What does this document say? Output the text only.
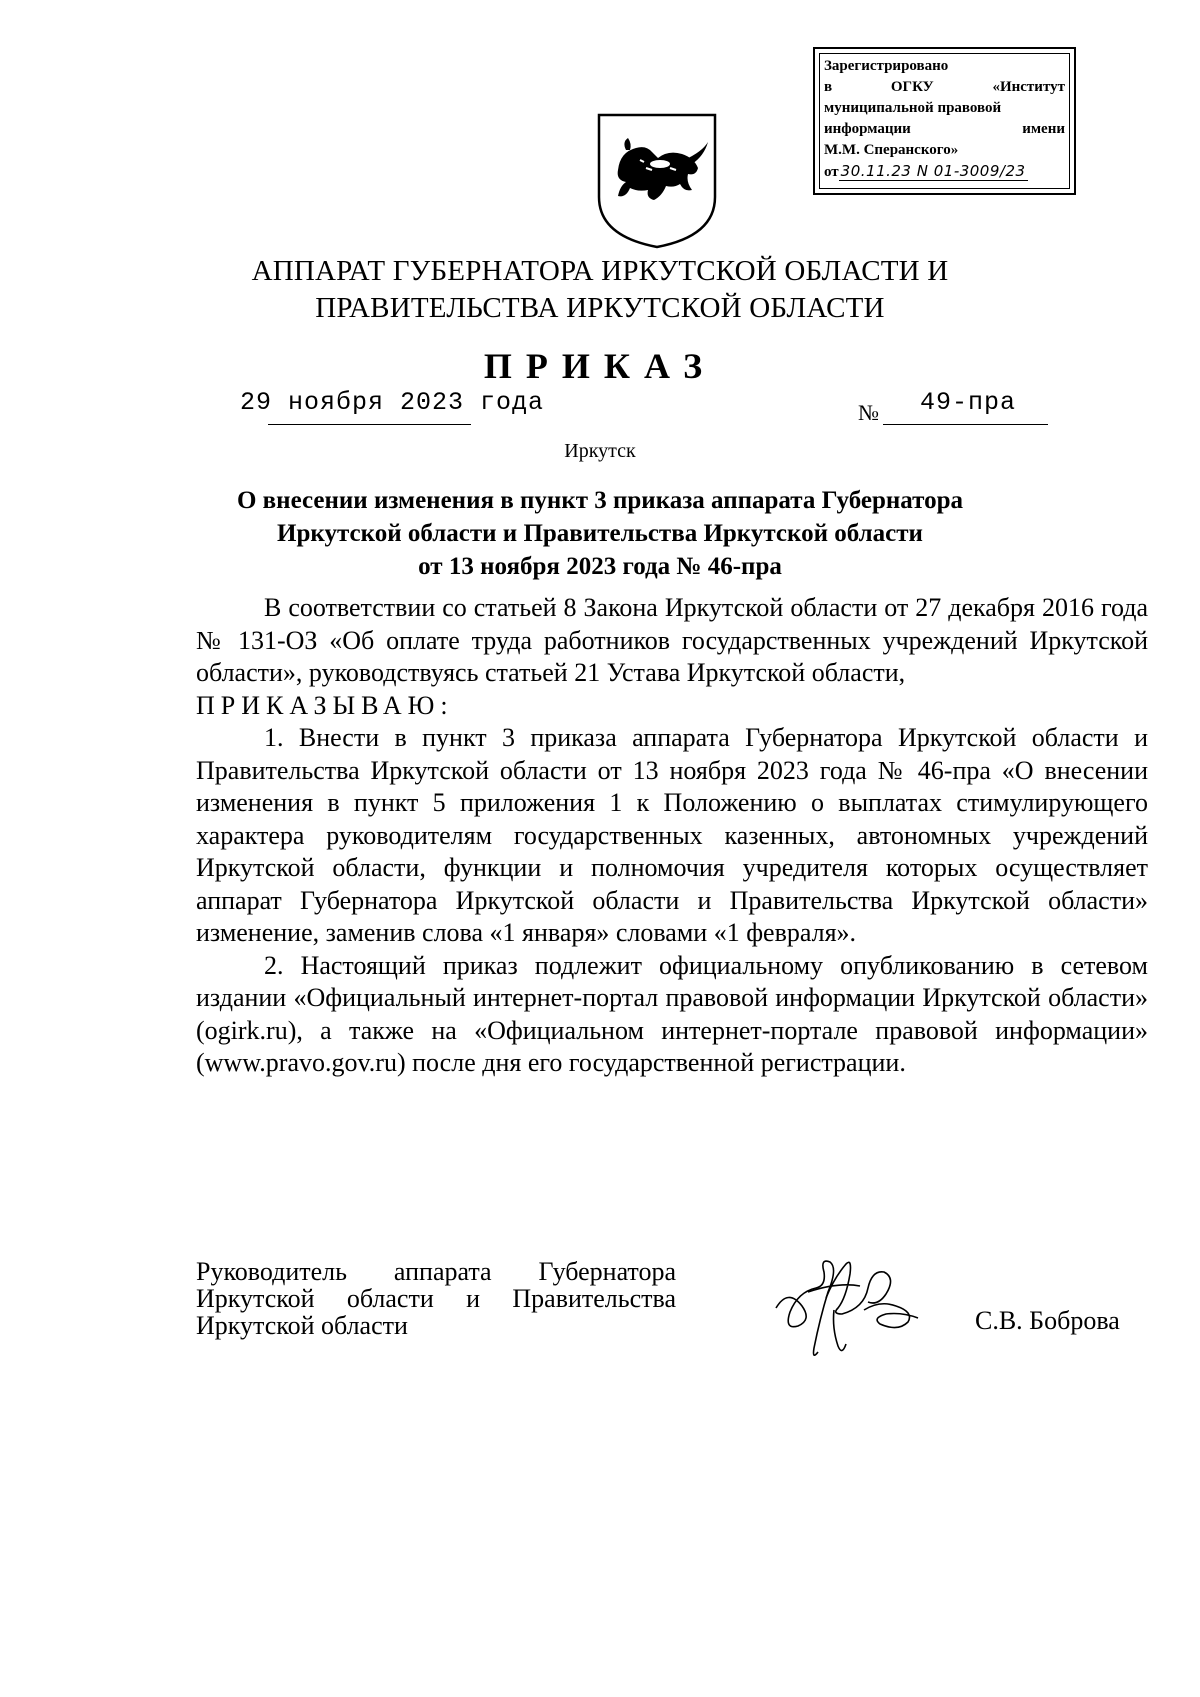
Зарегистрировано
в	ОГКУ	«Институт
муниципальной правовой
информации	имени
М.М. Сперанского»
от 30.11.23 N 01-3009/23
АППАРАТ ГУБЕРНАТОРА ИРКУТСКОЙ ОБЛАСТИ И
ПРАВИТЕЛЬСТВА ИРКУТСКОЙ ОБЛАСТИ
ПРИКАЗ
29 ноября 2023 года	№ 49-пра
Иркутск
О внесении изменения в пункт 3 приказа аппарата Губернатора
Иркутской области и Правительства Иркутской области
от 13 ноября 2023 года № 46-пра

В соответствии со статьей 8 Закона Иркутской области от 27 декабря 2016 года № 131-ОЗ «Об оплате труда работников государственных учреждений Иркутской области», руководствуясь статьей 21 Устава Иркутской области,

ПРИКАЗЫВАЮ:

1. Внести в пункт 3 приказа аппарата Губернатора Иркутской области и Правительства Иркутской области от 13 ноября 2023 года № 46-пра «О внесении изменения в пункт 5 приложения 1 к Положению о выплатах стимулирующего характера руководителям государственных казенных, автономных учреждений Иркутской области, функции и полномочия учредителя которых осуществляет аппарат Губернатора Иркутской области и Правительства Иркутской области» изменение, заменив слова «1 января» словами «1 февраля».

2. Настоящий приказ подлежит официальному опубликованию в сетевом издании «Официальный интернет-портал правовой информации Иркутской области» (ogirk.ru), а также на «Официальном интернет-портале правовой информации» (www.pravo.gov.ru) после дня его государственной регистрации.

Руководитель аппарата Губернатора
Иркутской области и Правительства
Иркутской области	С.В. Боброва
